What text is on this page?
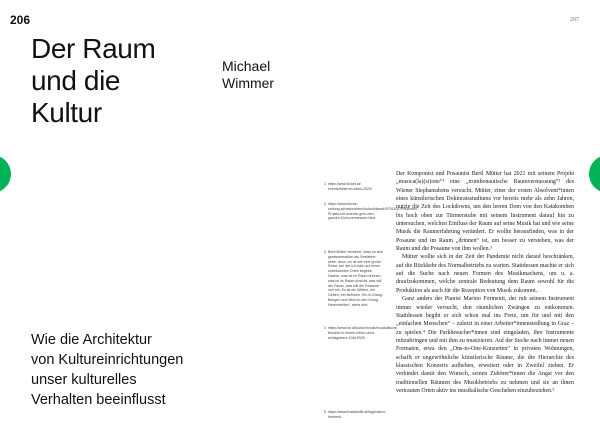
206	207
Der Raum
und die
Kultur
Michael
Wimmer
Wie die Architektur
von Kultureinrichtungen
unser kulturelles
Verhalten beeinflusst
1 https://www.ticket.at/ events/bestrum-bahn-2020/
2 https://www.kleine-zeitung.at/nachrichten/kultur/klassik/5791631/Posaunen-Projekt-ich-wuerde-gern-den-ganzen-Dom-vermessen.html.
3 Berti Mütter berichtet, dass es sich gewissermaßen als Seefahrer sehe, denn „es ist wie eine große Reise, bei der ich mich auf einen unbekannten Orten begebe. Nachts, was ist im Raum drinnen, was ist im Raum Ansicht, was will der Raum, was will die Posaune von mir. Es ist ein Wellen, ein Geben, ein Nehmen. Ein In-Klang-Bringen und Mich-In-den-Klang-Hineinstellen“, siehe ebd.
4 https://www.sn.at/kultur/musik/musikalische-freuden-in-einem-leben-ohne-schlagobers-10619025.
5 https://www.frackbistik.at/tag/marino-formenti.

Der Komponist und Posaunist Bertl Mütter hat 2021 mit seinem Projekt „musica(la)(si)one“¹ eine „trombonautische Raumvermessung“² des Wiener Stephansdoms versucht. Mütter, einer der ersten Absolvent*innen eines künstlerischen Doktoratsstudiums vor bereits mehr als zehn Jahren, nutzte die Zeit des Lockdowns, um den leeren Dom von den Katakomben bis hoch oben zur Türmerstube mit seinem Instrument darauf hin zu untersuchen, welchen Einfluss der Raum auf seine Musik hat und wie seine Musik die Raumerfahrung verändert. Er wollte herausfinden, was in der Posaune und im Raum „drinnen“ ist, um besser zu verstehen, was der Raum und die Posaune von ihm wollen.³

Mütter wollte sich in der Zeit der Pandemie nicht darauf beschränken, auf die Rückkehr des Normalbetriebs zu warten. Stattdessen machte er sich auf die Suche nach neuen Formen des Musikmachens, um u. a. draufzukommen, welche zentrale Bedeutung dem Raum sowohl für die Produktion als auch für die Rezeption von Musik zukommt.

Ganz anders der Pianist Marino Formenti, der mit seinem Instrument immer wieder versucht, den räumlichen Zwängen zu entkommen. Stattdessen begibt er sich schon mal ins Freie, um für und mit den „einfachen Menschen“ – zuletzt in einer Arbeiter*innensiedlung in Graz – zu spielen.⁴ Die Parkbesucher*innen sind eingeladen, ihre Instrumente mitzubringen und mit ihm zu musizieren. Auf der Suche nach immer neuen Formaten, etwa den „One-to-One-Konzerten“ in privaten Wohnungen, schafft er ungewöhnliche künstlerische Räume, die die Hierarchie des klassischen Konzerts aufheben, erweitert oder in Zweifel ziehen. Er verbindet damit den Wunsch, seinen Zuhörer*innen die Angst vor den traditionellen Räumen des Musikbetriebs zu nehmen und sie an ihnen vertrauten Orten aktiv ins musikalische Geschehen einzubeziehen.⁵
